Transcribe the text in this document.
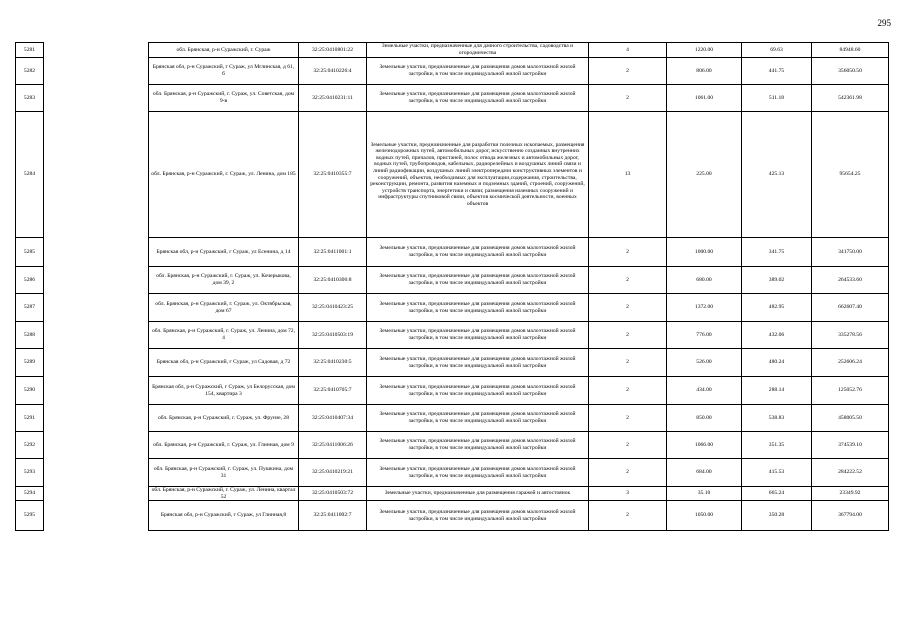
295
5281		обл. Брянская, р-н Суражский, г. Сураж	32:25:0410801:22	Земельные участки, предназначенные для дачного строительства, садоводства и огородничества	4	1220.00	69.63	84948.60
5282		Брянская обл, р-н Суражский, г Сураж, ул Мглинская, д 61, б	32:25:0410226:4	Земельные участки, предназначенные для размещения домов малоэтажной жилой застройки, в том числе индивидуальной жилой застройки	2	806.00	441.75	356050.50
5283		обл. Брянская, р-н Суражский, г. Сураж, ул. Советская, дом 9-в	32:25:0410231:11	Земельные участки, предназначенные для размещения домов малоэтажной жилой застройки, в том числе индивидуальной жилой застройки	2	1061.00	511.18	542361.98
5284		обл. Брянская, р-н Суражский, г. Сураж, ул. Ленина, дом 185	32:25:0410355:7	Земельные участки, предназначенные для разработки полезных ископаемых, размещения железнодорожных путей, автомобильных дорог, искусственно созданных внутренних водных путей, причалов, пристаней, полос отвода железных и автомобильных дорог, водных путей, трубопроводов, кабельных, радиорелейных и воздушных линий связи и линий радиофикации, воздушных линий электропередачи конструктивных элементов и сооружений, объектов, необходимых для эксплуатации,содержания, строительства, реконструкции, ремонта, развития наземных и подземных зданий, строений, сооружений, устройств транспорта, энергетики и связи; размещения наземных сооружений и инфраструктуры спутниковой связи, объектов космической деятельности, военных объектов	13	225.00	425.13	95654.25
5285		Брянская обл, р-н Суражский, г Сураж, ул Есенина, д 14	32:25:0411001:1	Земельные участки, предназначенные для размещения домов малоэтажной жилой застройки, в том числе индивидуальной жилой застройки	2	1000.00	341.75	341750.00
5286		обл. Брянская, р-н Суражский, г. Сураж, ул. Кочерыкова, дом 39, 2	32:25:0410306:8	Земельные участки, предназначенные для размещения домов малоэтажной жилой застройки, в том числе индивидуальной жилой застройки	2	680.00	389.02	264533.60
5287		обл. Брянская, р-н Суражский, г. Сураж, ул. Октябрьская, дом 67	32:25:0410423:25	Земельные участки, предназначенные для размещения домов малоэтажной жилой застройки, в том числе индивидуальной жилой застройки	2	1372.00	482.95	662607.40
5288		обл. Брянская, р-н Суражский, г. Сураж, ул. Ленина, дом 72, 4	32:25:0410503:19	Земельные участки, предназначенные для размещения домов малоэтажной жилой застройки, в том числе индивидуальной жилой застройки	2	776.00	432.06	335278.56
5289		Брянская обл, р-н Суражский, г Сураж, ул Садовая, д 72	32:25:0410230:5	Земельные участки, предназначенные для размещения домов малоэтажной жилой застройки, в том числе индивидуальной жилой застройки	2	526.00	480.24	252606.24
5290		Брянская обл, р-н Суражский, г Сураж, ул Белорусская, дом 154, квартира 3	32:25:0410705:7	Земельные участки, предназначенные для размещения домов малоэтажной жилой застройки, в том числе индивидуальной жилой застройки	2	434.00	288.14	125052.76
5291		обл. Брянская, р-н Суражский, г. Сураж, ул. Фрунзе, 28	32:25:0410407:34	Земельные участки, предназначенные для размещения домов малоэтажной жилой застройки, в том числе индивидуальной жилой застройки	2	850.00	538.83	458005.50
5292		обл. Брянская, р-н Суражский, г. Сураж, ул. Глинная, дом 9	32:25:0411006:26	Земельные участки, предназначенные для размещения домов малоэтажной жилой застройки, в том числе индивидуальной жилой застройки	2	1066.00	351.35	374539.10
5293		обл. Брянская, р-н Суражский, г. Сураж, ул. Пушкина, дом 31	32:25:0410219:21	Земельные участки, предназначенные для размещения домов малоэтажной жилой застройки, в том числе индивидуальной жилой застройки	2	684.00	415.53	284222.52
5294		обл. Брянская, р-н Суражский, г. Сураж, ул. Ленина, квартал 52	32:25:0410503:72	Земельные участки, предназначенные для размещения гаражей и автостоянок	3	35.10	665.24	23349.92
5295		Брянская обл, р-н Суражский, г Сураж, ул Глинная,8	32:25:0411002:7	Земельные участки, предназначенные для размещения домов малоэтажной жилой застройки, в том числе индивидуальной жилой застройки	2	1050.00	350.28	367794.00
